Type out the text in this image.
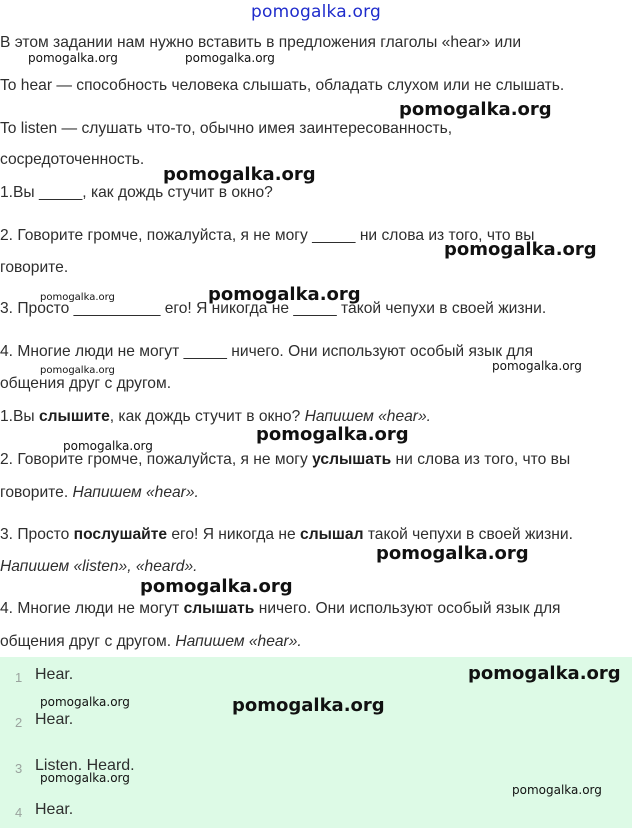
pomogalka.org
В этом задании нам нужно вставить в предложения глаголы «hear» или
To hear — способность человека слышать, обладать слухом или не слышать.
To listen — слушать что-то, обычно имея заинтересованность,
сосредоточенность.
1.Вы _____, как дождь стучит в окно?
2. Говорите громче, пожалуйста, я не могу _____ ни слова из того, что вы
говорите.
3. Просто __________ его! Я никогда не _____ такой чепухи в своей жизни.
4. Многие люди не могут _____ ничего. Они используют особый язык для
общения друг с другом.
1.Вы слышите, как дождь стучит в окно? Напишем «hear».
2. Говорите громче, пожалуйста, я не могу услышать ни слова из того, что вы
говорите. Напишем «hear».
3. Просто послушайте его! Я никогда не слышал такой чепухи в своей жизни.
Напишем «listen», «heard».
4. Многие люди не могут слышать ничего. Они используют особый язык для
общения друг с другом. Напишем «hear».
1 Hear.
2 Hear.
3 Listen. Heard.
4 Hear.
pomogalka.org	pomogalka.org
pomogalka.org
pomogalka.org
pomogalka.org
pomogalka.org
pomogalka.org
pomogalka.org	pomogalka.org
pomogalka.org
pomogalka.org
pomogalka.org
pomogalka.org
pomogalka.org
pomogalka.org	pomogalka.org
pomogalka.org
pomogalka.org
